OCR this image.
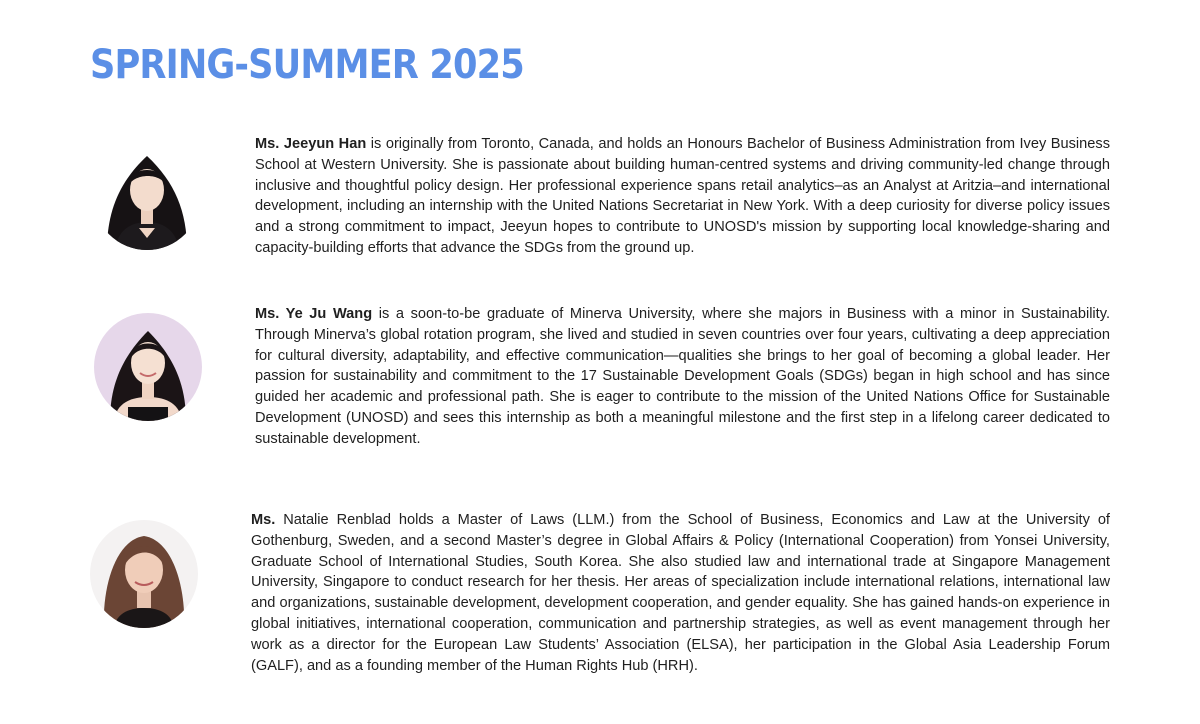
SPRING-SUMMER 2025

Ms. Jeeyun Han is originally from Toronto, Canada, and holds an Honours Bachelor of Business Administration from Ivey Business School at Western University. She is passionate about building human-centred systems and driving community-led change through inclusive and thoughtful policy design. Her professional experience spans retail analytics–as an Analyst at Aritzia–and international development, including an internship with the United Nations Secretariat in New York. With a deep curiosity for diverse policy issues and a strong commitment to impact, Jeeyun hopes to contribute to UNOSD's mission by supporting local knowledge-sharing and capacity-building efforts that advance the SDGs from the ground up.

Ms. Ye Ju Wang is a soon-to-be graduate of Minerva University, where she majors in Business with a minor in Sustainability. Through Minerva’s global rotation program, she lived and studied in seven countries over four years, cultivating a deep appreciation for cultural diversity, adaptability, and effective communication—qualities she brings to her goal of becoming a global leader. Her passion for sustainability and commitment to the 17 Sustainable Development Goals (SDGs) began in high school and has since guided her academic and professional path. She is eager to contribute to the mission of the United Nations Office for Sustainable Development (UNOSD) and sees this internship as both a meaningful milestone and the first step in a lifelong career dedicated to sustainable development.

Ms. Natalie Renblad holds a Master of Laws (LLM.) from the School of Business, Economics and Law at the University of Gothenburg, Sweden, and a second Master’s degree in Global Affairs & Policy (International Cooperation) from Yonsei University, Graduate School of International Studies, South Korea. She also studied law and international trade at Singapore Management University, Singapore to conduct research for her thesis. Her areas of specialization include international relations, international law and organizations, sustainable development, development cooperation, and gender equality. She has gained hands-on experience in global initiatives, international cooperation, communication and partnership strategies, as well as event management through her work as a director for the European Law Students’ Association (ELSA), her participation in the Global Asia Leadership Forum (GALF), and as a founding member of the Human Rights Hub (HRH).
